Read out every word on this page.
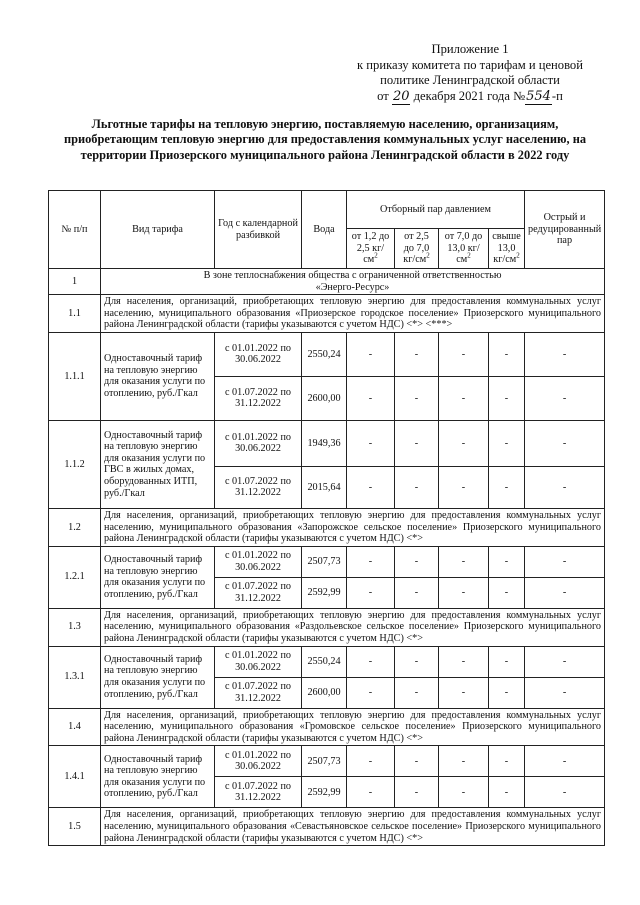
Приложение 1
к приказу комитета по тарифам и ценовой
политике Ленинградской области
от 20 декабря 2021 года №554-п
Льготные тарифы на тепловую энергию, поставляемую населению, организациям, приобретающим тепловую энергию для предоставления коммунальных услуг населению, на территории Приозерского муниципального района Ленинградской области в 2022 году
№ п/п	Вид тарифа	Год с календарной разбивкой	Вода	Отборный пар давлением				Острый и редуцированный пар
				от 1,2 до 2,5 $кг/см^2$	от 2,5 до 7,0 $кг/см^2$	от 7,0 до 13,0 $кг/см^2$	свыше 13,0 $кг/см^2$
1	В зоне теплоснабжения общества с ограниченной ответственностью
«Энерго-Ресурс»							

1.1	Для населения, организаций, приобретающих тепловую энергию для предоставления коммунальных услуг населению, муниципального образования «Приозерское городское поселение» Приозерского муниципального района Ленинградской области (тарифы указываются с учетом НДС) <*> <***>							
1.1.1	Одноставочный тариф на тепловую энергию для оказания услуги по отоплению, руб./Гкал	с 01.01.2022 по 30.06.2022	2550,24	-	-	-	-	-
		с 01.07.2022 по 31.12.2022	2600,00	-	-	-	-	-
1.1.2	Одноставочный тариф на тепловую энергию для оказания услуги по ГВС в жилых домах, оборудованных ИТП, руб./Гкал	с 01.01.2022 по 30.06.2022	1949,36	-	-	-	-	-
		с 01.07.2022 по 31.12.2022	2015,64	-	-	-	-	-
1.2	Для населения, организаций, приобретающих тепловую энергию для предоставления коммунальных услуг населению, муниципального образования «Запорожское сельское поселение» Приозерского муниципального района Ленинградской области (тарифы указываются с учетом НДС) <*>							
1.2.1	Одноставочный тариф на тепловую энергию для оказания услуги по отоплению, руб./Гкал	с 01.01.2022 по 30.06.2022	2507,73	-	-	-	-	-
		с 01.07.2022 по 31.12.2022	2592,99	-	-	-	-	-
1.3	Для населения, организаций, приобретающих тепловую энергию для предоставления коммунальных услуг населению, муниципального образования «Раздольевское сельское поселение» Приозерского муниципального района Ленинградской области (тарифы указываются с учетом НДС) <*>							
1.3.1	Одноставочный тариф на тепловую энергию для оказания услуги по отоплению, руб./Гкал	с 01.01.2022 по 30.06.2022	2550,24	-	-	-	-	-
		с 01.07.2022 по 31.12.2022	2600,00	-	-	-	-	-
1.4	Для населения, организаций, приобретающих тепловую энергию для предоставления коммунальных услуг населению, муниципального образования «Громовское сельское поселение» Приозерского муниципального района Ленинградской области (тарифы указываются с учетом НДС) <*>							
1.4.1	Одноставочный тариф на тепловую энергию для оказания услуги по отоплению, руб./Гкал	с 01.01.2022 по 30.06.2022	2507,73	-	-	-	-	-
		с 01.07.2022 по 31.12.2022	2592,99	-	-	-	-	-
1.5	Для населения, организаций, приобретающих тепловую энергию для предоставления коммунальных услуг населению, муниципального образования «Севастьяновское сельское поселение» Приозерского муниципального района Ленинградской области (тарифы указываются с учетом НДС) <*>							
